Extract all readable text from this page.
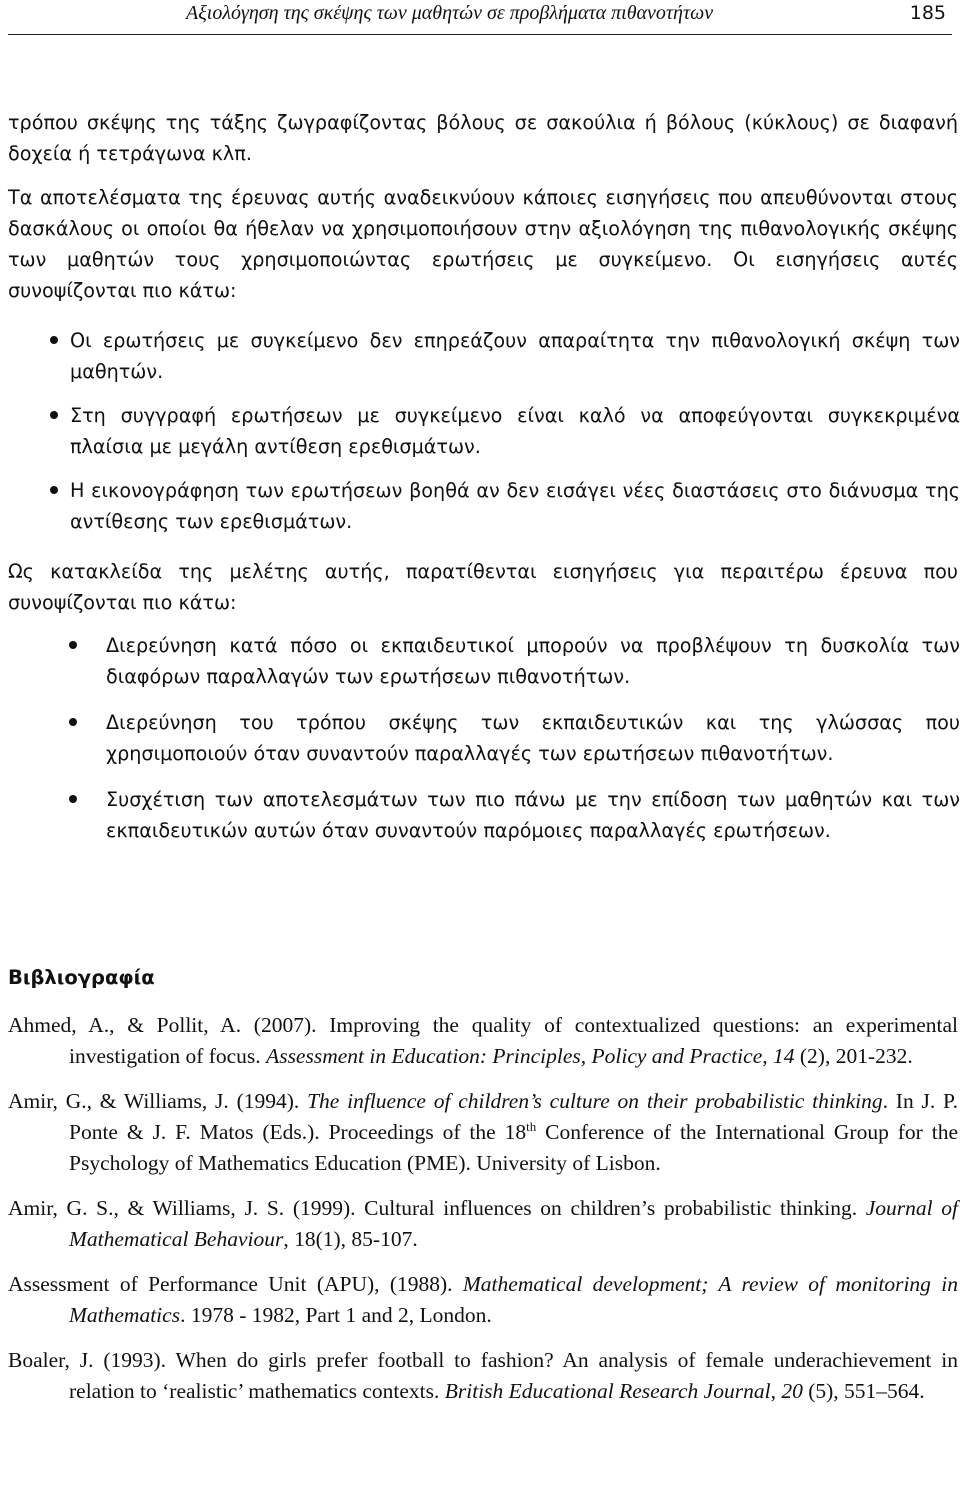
Αξιολόγηση της σκέψης των μαθητών σε προβλήματα πιθανοτήτων	185
τρόπου σκέψης της τάξης ζωγραφίζοντας βόλους σε σακούλια ή βόλους (κύκλους) σε διαφανή δοχεία ή τετράγωνα κλπ.
Τα αποτελέσματα της έρευνας αυτής αναδεικνύουν κάποιες εισηγήσεις που απευθύνονται στους δασκάλους οι οποίοι θα ήθελαν να χρησιμοποιήσουν στην αξιολόγηση της πιθανολογικής σκέψης των μαθητών τους χρησιμοποιώντας ερωτήσεις με συγκείμενο. Οι εισηγήσεις αυτές συνοψίζονται πιο κάτω:
Οι ερωτήσεις με συγκείμενο δεν επηρεάζουν απαραίτητα την πιθανολογική σκέψη των μαθητών.
Στη συγγραφή ερωτήσεων με συγκείμενο είναι καλό να αποφεύγονται συγκεκριμένα πλαίσια με μεγάλη αντίθεση ερεθισμάτων.
Η εικονογράφηση των ερωτήσεων βοηθά αν δεν εισάγει νέες διαστάσεις στο διάνυσμα της αντίθεσης των ερεθισμάτων.
Ως κατακλείδα της μελέτης αυτής, παρατίθενται εισηγήσεις για περαιτέρω έρευνα που συνοψίζονται πιο κάτω:
Διερεύνηση κατά πόσο οι εκπαιδευτικοί μπορούν να προβλέψουν τη δυσκολία των διαφόρων παραλλαγών των ερωτήσεων πιθανοτήτων.
Διερεύνηση του τρόπου σκέψης των εκπαιδευτικών και της γλώσσας που χρησιμοποιούν όταν συναντούν παραλλαγές των ερωτήσεων πιθανοτήτων.
Συσχέτιση των αποτελεσμάτων των πιο πάνω με την επίδοση των μαθητών και των εκπαιδευτικών αυτών όταν συναντούν παρόμοιες παραλλαγές ερωτήσεων.
Βιβλιογραφία
Ahmed, A., & Pollit, A. (2007). Improving the quality of contextualized questions: an experimental investigation of focus. Assessment in Education: Principles, Policy and Practice, 14 (2), 201-232.
Amir, G., & Williams, J. (1994). The influence of children’s culture on their probabilistic thinking. In J. P. Ponte & J. F. Matos (Eds.). Proceedings of the 18th Conference of the International Group for the Psychology of Mathematics Education (PME). University of Lisbon.
Amir, G. S., & Williams, J. S. (1999). Cultural influences on children’s probabilistic thinking. Journal of Mathematical Behaviour, 18(1), 85-107.
Assessment of Performance Unit (APU), (1988). Mathematical development; A review of monitoring in Mathematics. 1978 - 1982, Part 1 and 2, London.
Boaler, J. (1993). When do girls prefer football to fashion? An analysis of female underachievement in relation to ‘realistic’ mathematics contexts. British Educational Research Journal, 20 (5), 551–564.
